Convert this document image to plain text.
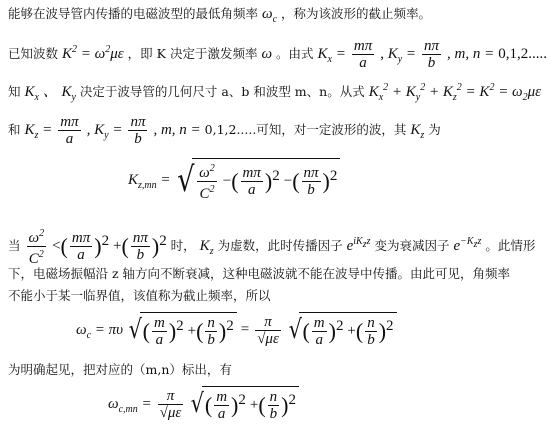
能够在波导管内传播的电磁波型的最低角频率 $\omega_c$ ，称为该波形的截止频率。
已知波数 $K^2 = \omega^2\mu\varepsilon$ ，即 K 决定于激发频率 ω 。由式 $K_x = \frac{m\pi}{a}$ , $K_y = \frac{n\pi}{b}$ , m, n = 0,1,2.....
知 $K_x$ 、 $K_y$ 决定于波导管的几何尺寸 a、b 和波型 m、n。从式 $K_x^2 + K_y^2 + K_z^2 = K^2 = \omega_2\mu\varepsilon$
和 $K_z = \frac{m\pi}{a}$ , $K_y = \frac{n\pi}{b}$ , m, n = 0,1,2.....可知，对一定波形的波，其 $K_z$ 为
$K_{z,mn}$ = √ $\frac{\omega^2}{C^2}$ −( $\frac{m\pi}{a} )^2$ −( $\frac{n\pi}{b} )^2$
当 $\frac{\omega^2}{C^2}$ <( $\frac{m\pi}{a} )^2$ +( $\frac{n\pi}{b} )^2$ 时， $K_z$ 为虚数，此时传播因子 $e^{iK_zz}$ 变为衰减因子 $e^{-K_zz}$ 。此情形
下，电磁场振幅沿 z 轴方向不断衰减，这种电磁波就不能在波导中传播。由此可见，角频率
不能小于某一临界值，该值称为截止频率，所以
$\omega_c = \pi\upsilon$ √( $\frac{m}{a} )^2$ +( $\frac{n}{b} )^2 = \frac{\pi}{√\mu\varepsilon}$ √( $\frac{m}{a} )^2$ +( $\frac{n}{b} )^2$
为明确起见，把对应的（m,n）标出，有
$\omega_{c,mn} = \frac{\pi}{√\mu\varepsilon}$ √( $\frac{m}{a} )^2$ +( $\frac{n}{b} )^2$
